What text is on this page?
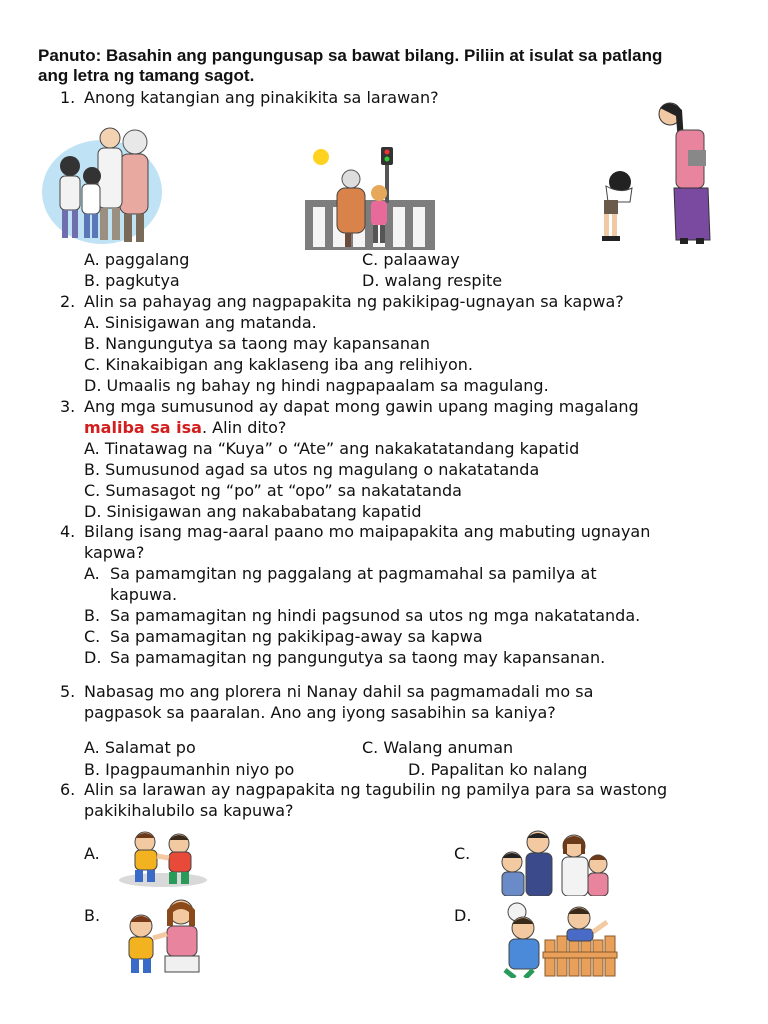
Panuto: Basahin ang pangungusap sa bawat bilang. Piliin at isulat sa patlang
ang letra ng tamang sagot.
1. Anong katangian ang pinakikita sa larawan?
A. paggalang	C. palaaway
B. pagkutya	D. walang respite
2. Alin sa pahayag ang nagpapakita ng pakikipag-ugnayan sa kapwa?
A. Sinisigawan ang matanda.
B. Nangungutya sa taong may kapansanan
C. Kinakaibigan ang kaklaseng iba ang relihiyon.
D. Umaalis ng bahay ng hindi nagpapaalam sa magulang.
3. Ang mga sumusunod ay dapat mong gawin upang maging magalang
maliba sa isa. Alin dito?
A. Tinatawag na “Kuya” o “Ate” ang nakakatatandang kapatid
B. Sumusunod agad sa utos ng magulang o nakatatanda
C. Sumasagot ng “po” at “opo” sa nakatatanda
D. Sinisigawan ang nakababatang kapatid
4. Bilang isang mag-aaral paano mo maipapakita ang mabuting ugnayan
kapwa?
A. Sa pamamgitan ng paggalang at pagmamahal sa pamilya at
kapuwa.
B. Sa pamamagitan ng hindi pagsunod sa utos ng mga nakatatanda.
C. Sa pamamagitan ng pakikipag-away sa kapwa
D. Sa pamamagitan ng pangungutya sa taong may kapansanan.
5. Nabasag mo ang plorera ni Nanay dahil sa pagmamadali mo sa
pagpasok sa paaralan. Ano ang iyong sasabihin sa kaniya?
A. Salamat po	C. Walang anuman
B. Ipagpaumanhin niyo po	D. Papalitan ko nalang
6. Alin sa larawan ay nagpapakita ng tagubilin ng pamilya para sa wastong
pakikihalubilo sa kapuwa?
A.	C.
B.	D.
